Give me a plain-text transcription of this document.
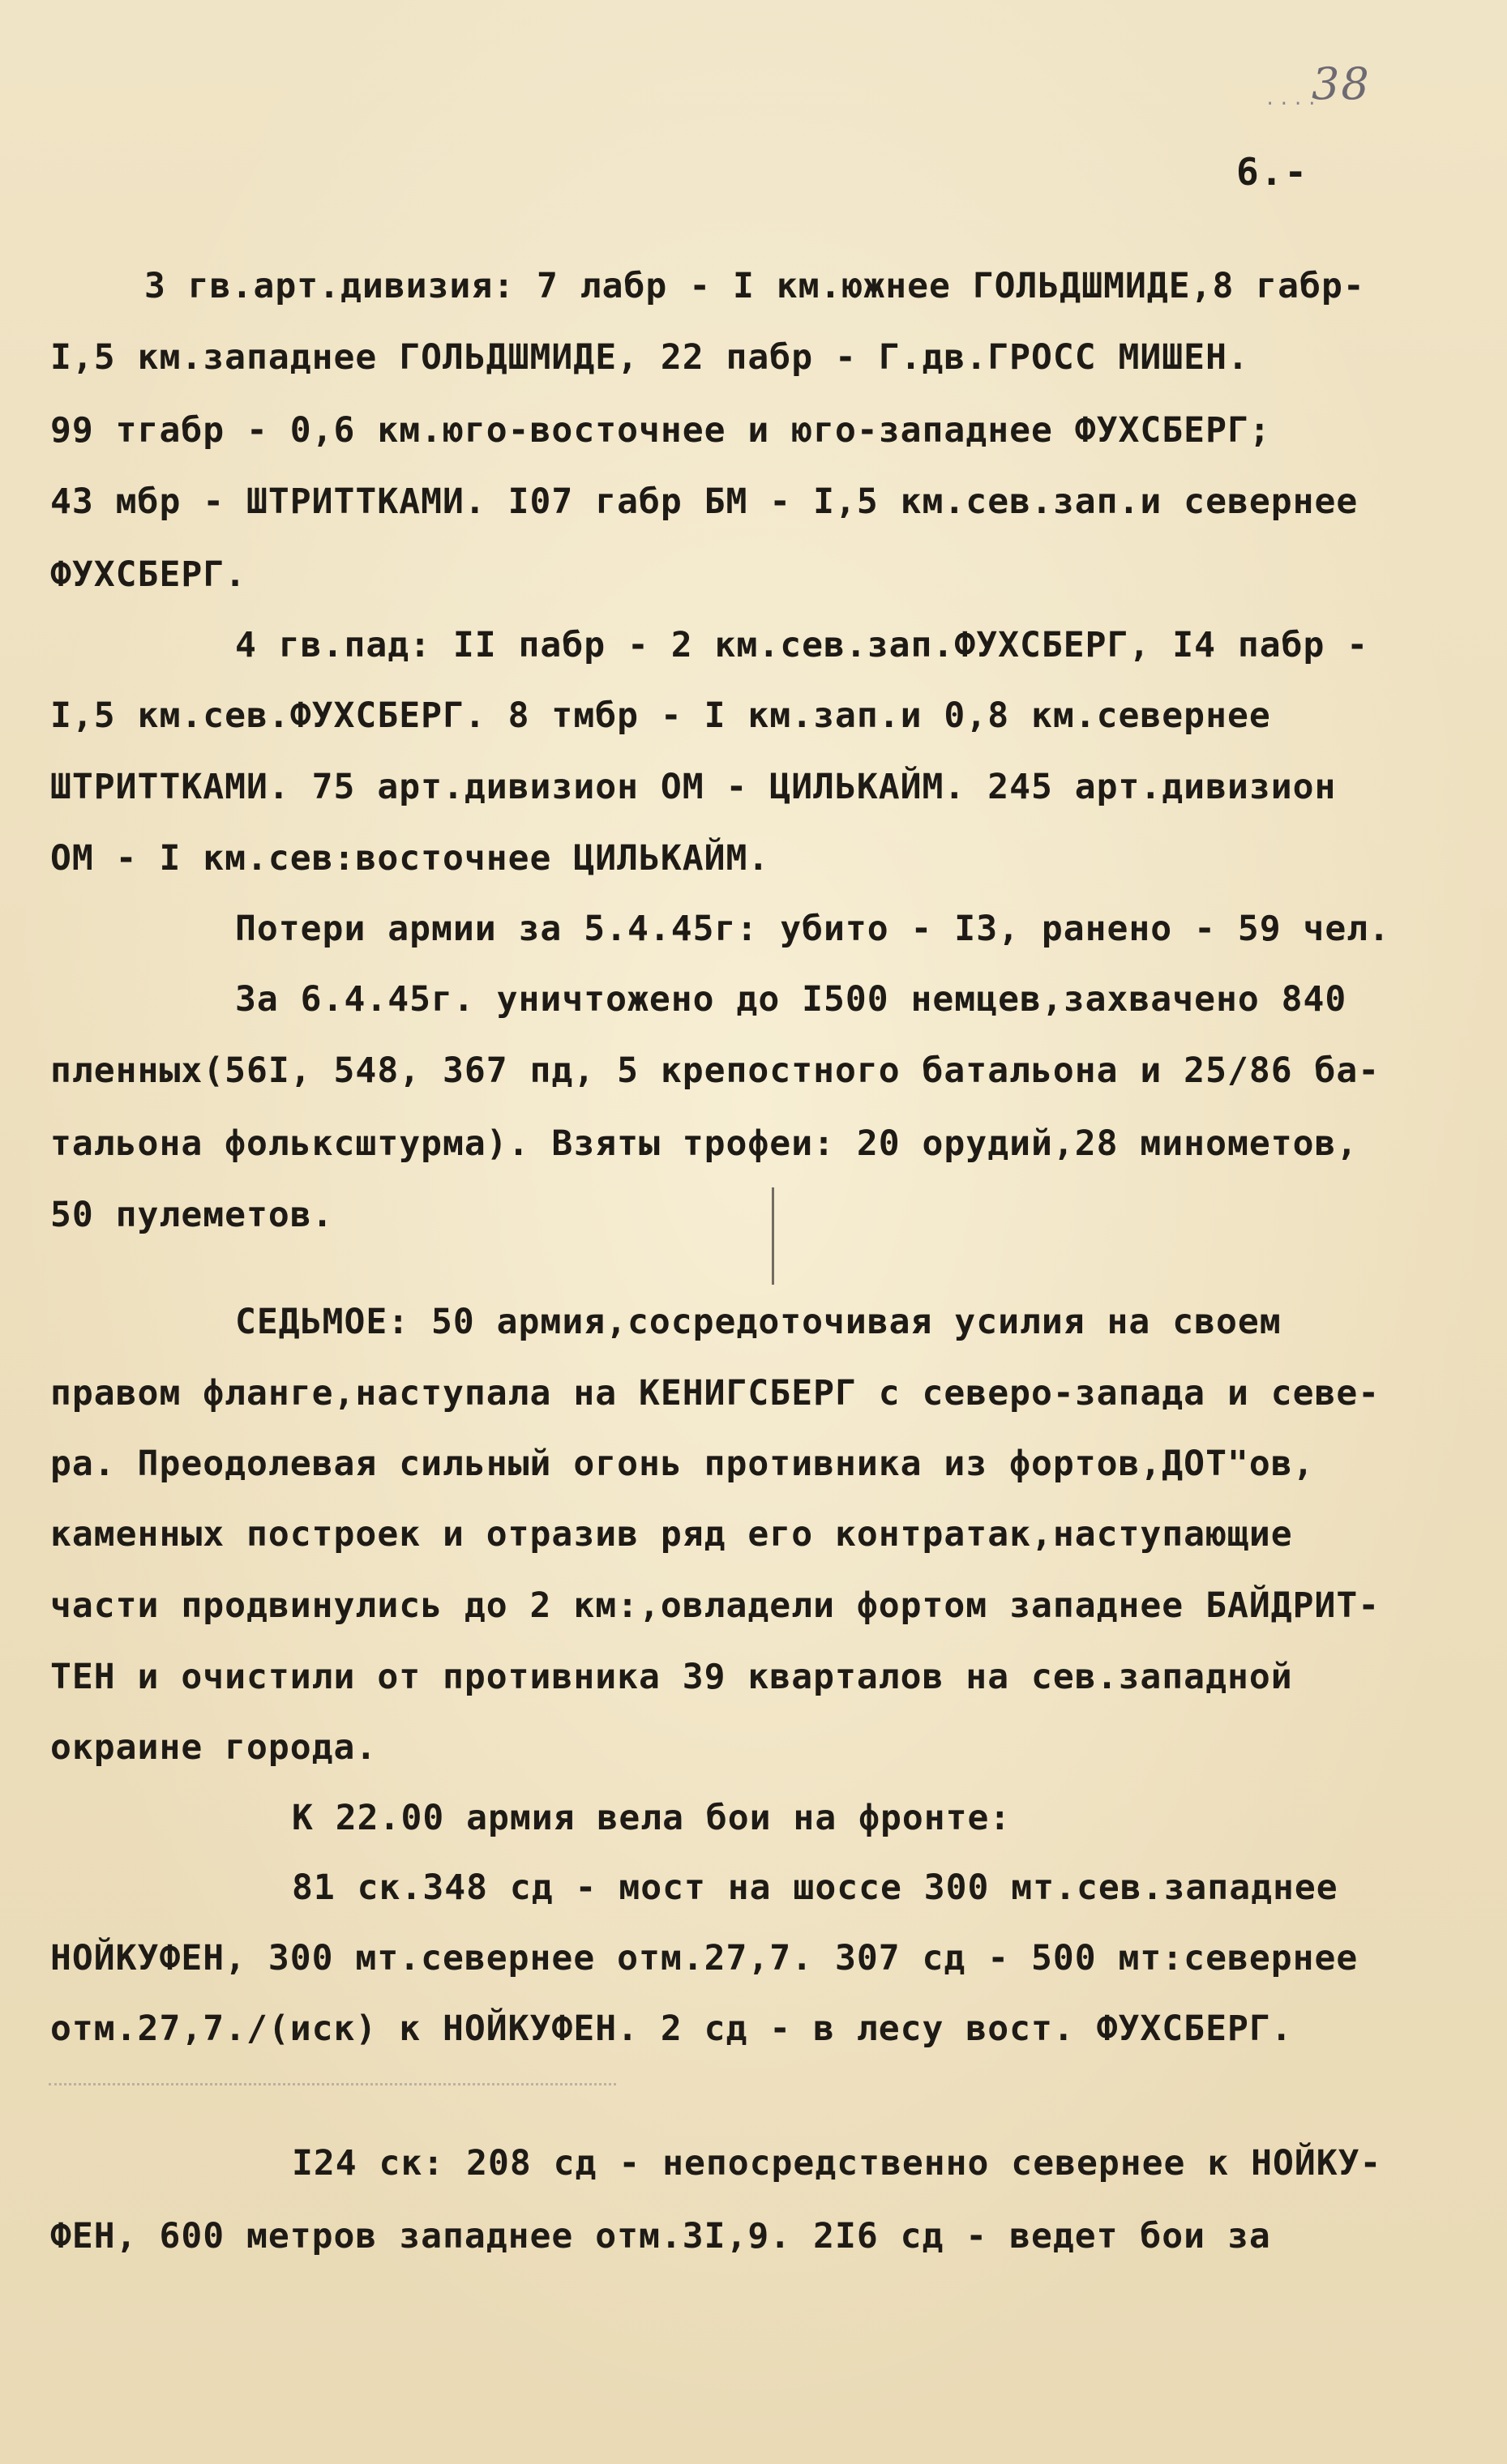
....
38
6.-
3 гв.арт.дивизия: 7 лабр - I км.южнее ГОЛЬДШМИДЕ,8 габр-
I,5 км.западнее ГОЛЬДШМИДЕ, 22 пабр - Г.дв.ГРОСС МИШЕН.
99 тгабр - 0,6 км.юго-восточнее и юго-западнее ФУХСБЕРГ;
43 мбр - ШТРИТТКАМИ. I07 габр БМ - I,5 км.сев.зап.и севернее
ФУХСБЕРГ.
4 гв.пад: II пабр - 2 км.сев.зап.ФУХСБЕРГ, I4 пабр -
I,5 км.сев.ФУХСБЕРГ. 8 тмбр - I км.зап.и 0,8 км.севернее
ШТРИТТКАМИ. 75 арт.дивизион ОМ - ЦИЛЬКАЙМ. 245 арт.дивизион
ОМ - I км.сев:восточнее ЦИЛЬКАЙМ.
Потери армии за 5.4.45г: убито - I3, ранено - 59 чел.
За 6.4.45г. уничтожено до I500 немцев,захвачено 840
пленных(56I, 548, 367 пд, 5 крепостного батальона и 25/86 ба-
тальона фольксштурма). Взяты трофеи: 20 орудий,28 минометов,
50 пулеметов.
СЕДЬМОЕ: 50 армия,сосредоточивая усилия на своем
правом фланге,наступала на КЕНИГСБЕРГ с северо-запада и севе-
ра. Преодолевая сильный огонь противника из фортов,ДОТ"ов,
каменных построек и отразив ряд его контратак,наступающие
части продвинулись до 2 км:,овладели фортом западнее БАЙДРИТ-
ТЕН и очистили от противника 39 кварталов на сев.западной
окраине города.
К 22.00 армия вела бои на фронте:
81 ск.348 сд - мост на шоссе 300 мт.сев.западнее
НОЙКУФЕН, 300 мт.севернее отм.27,7. 307 сд - 500 мт:севернее
отм.27,7./(иск) к НОЙКУФЕН. 2 сд - в лесу вост. ФУХСБЕРГ.
I24 ск: 208 сд - непосредственно севернее к НОЙКУ-
ФЕН, 600 метров западнее отм.3I,9. 2I6 сд - ведет бои за
